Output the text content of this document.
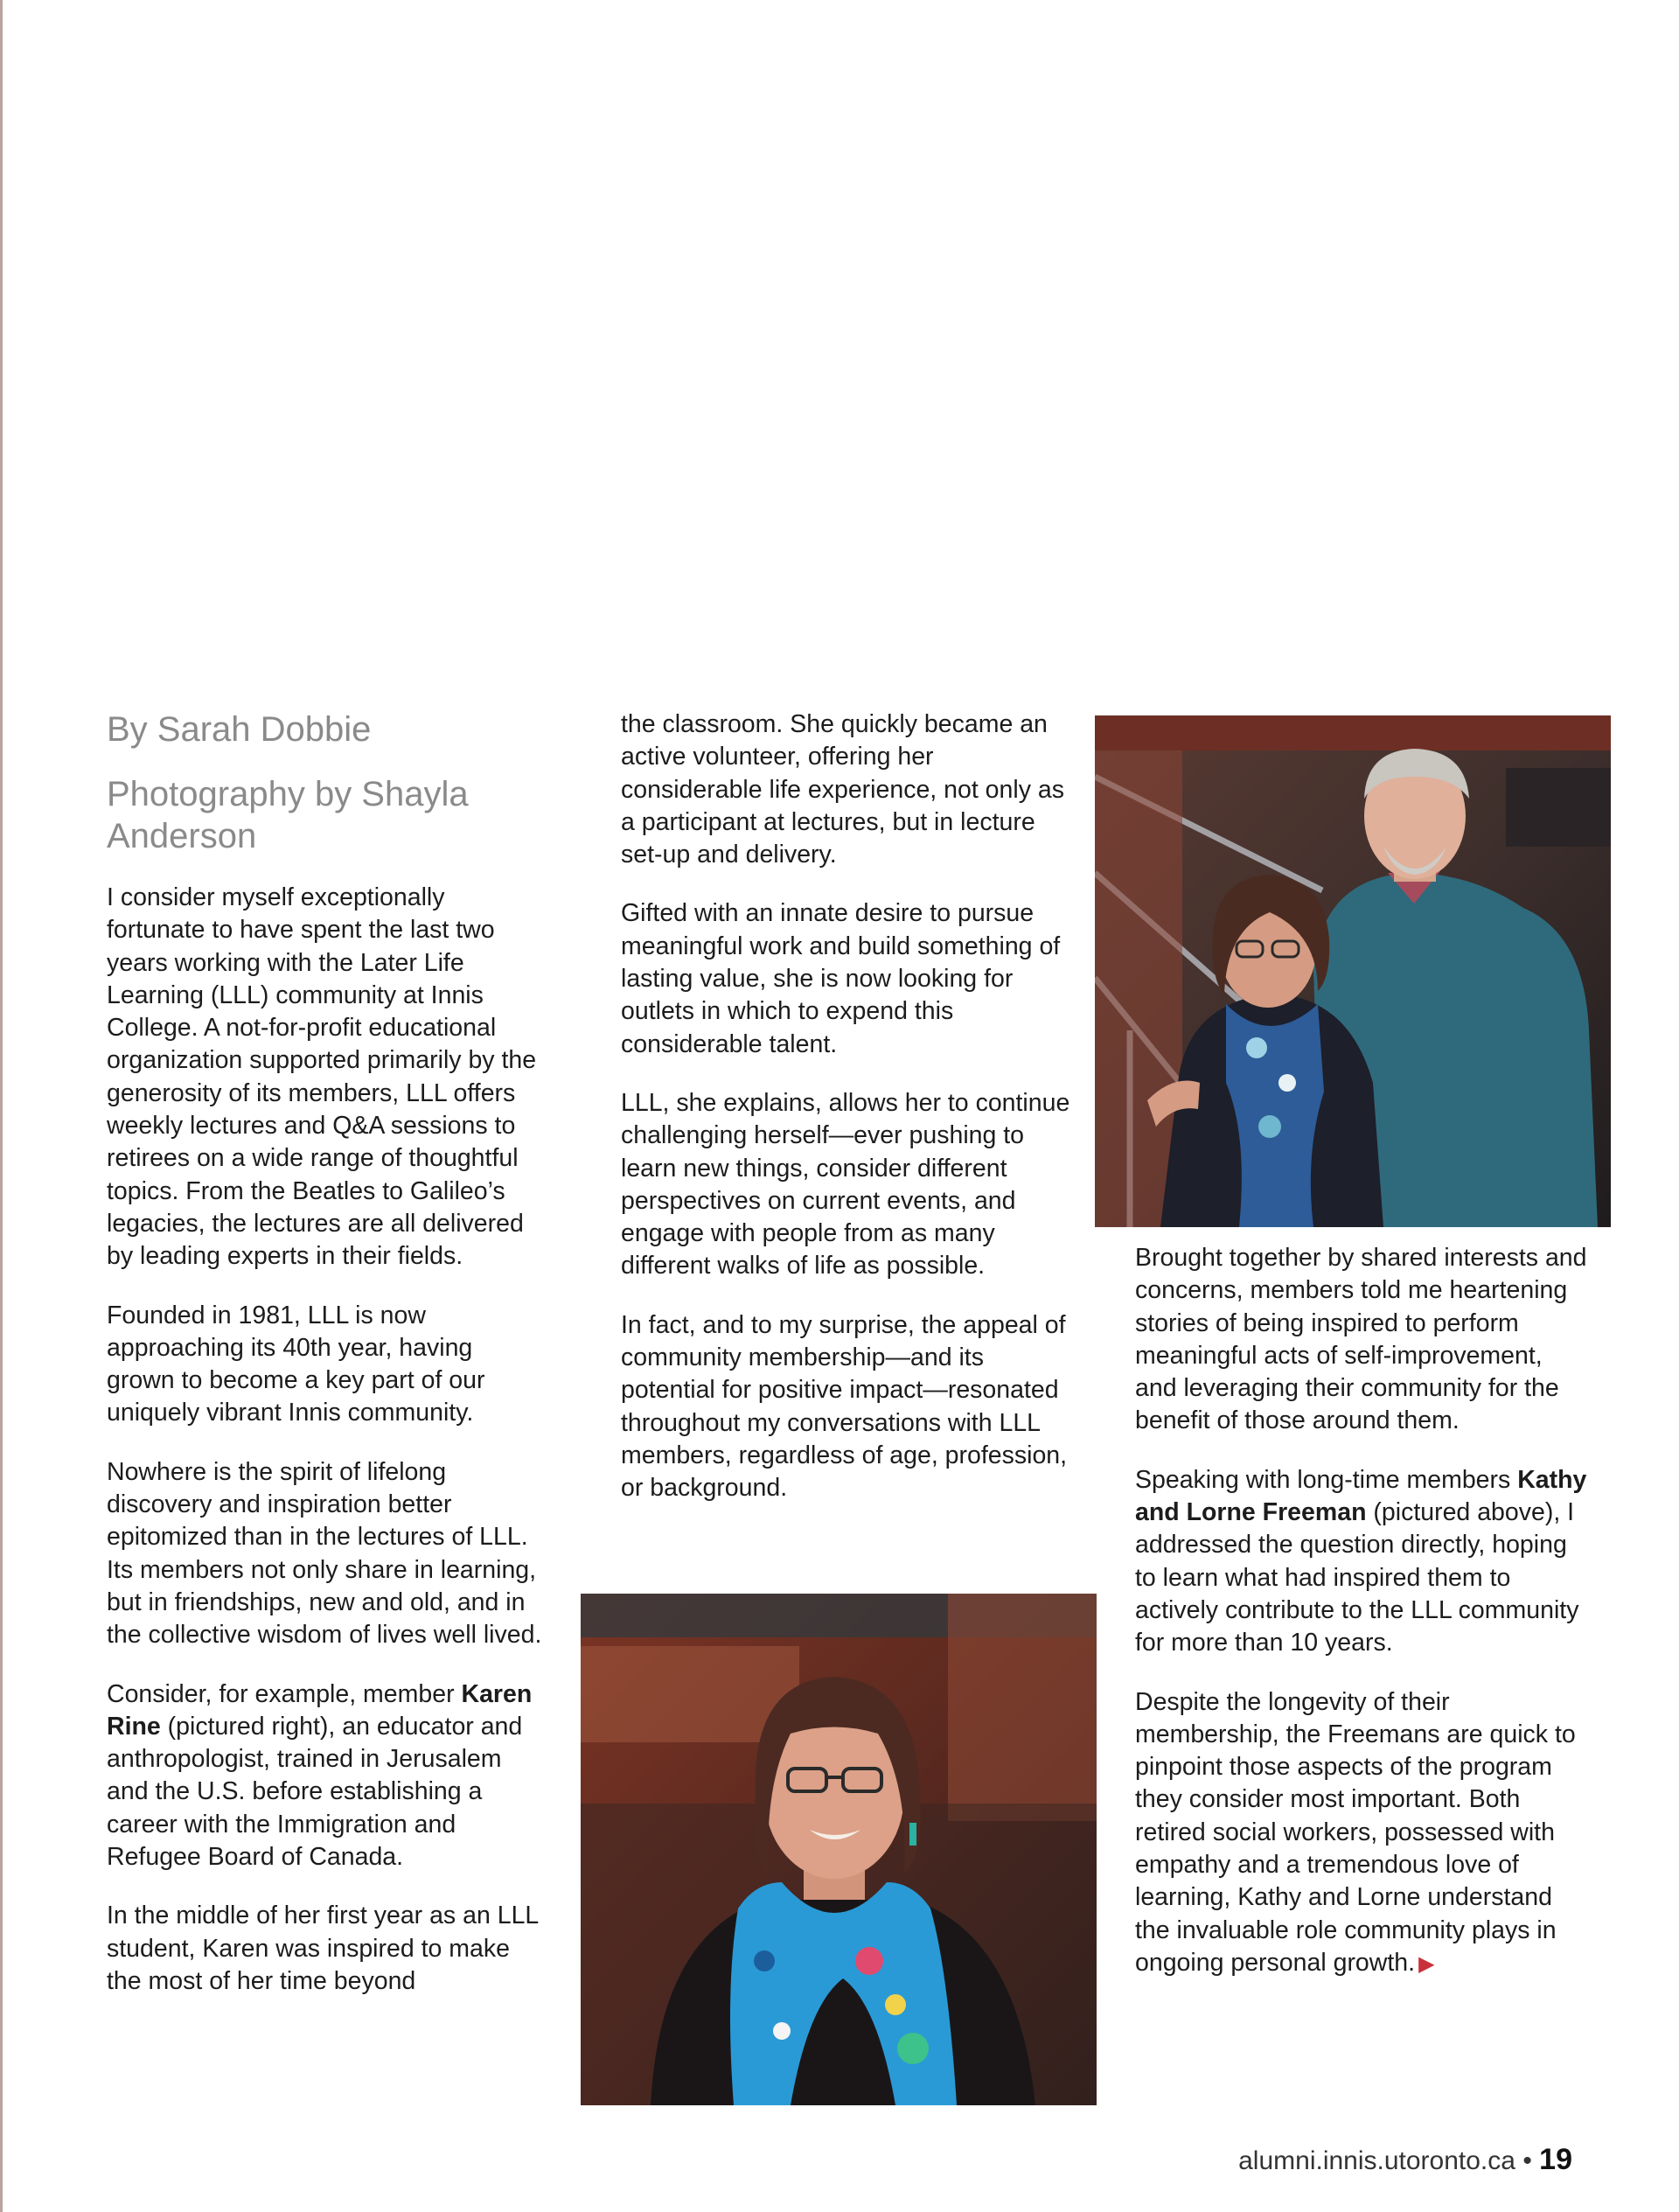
By Sarah Dobbie
Photography by Shayla Anderson

I consider myself exceptionally fortunate to have spent the last two years working with the Later Life Learning (LLL) community at Innis College. A not-for-profit educational organization supported primarily by the generosity of its members, LLL offers weekly lectures and Q&A sessions to retirees on a wide range of thoughtful topics. From the Beatles to Galileo’s legacies, the lectures are all delivered by leading experts in their fields.

Founded in 1981, LLL is now approaching its 40th year, having grown to become a key part of our uniquely vibrant Innis community.

Nowhere is the spirit of lifelong discovery and inspiration better epitomized than in the lectures of LLL. Its members not only share in learning, but in friendships, new and old, and in the collective wisdom of lives well lived.

Consider, for example, member Karen Rine (pictured right), an educator and anthropologist, trained in Jerusalem and the U.S. before establishing a career with the Immigration and Refugee Board of Canada.

In the middle of her first year as an LLL student, Karen was inspired to make the most of her time beyond

the classroom. She quickly became an active volunteer, offering her considerable life experience, not only as a participant at lectures, but in lecture set-up and delivery.

Gifted with an innate desire to pursue meaningful work and build something of lasting value, she is now looking for outlets in which to expend this considerable talent.

LLL, she explains, allows her to continue challenging herself—ever pushing to learn new things, consider different perspectives on current events, and engage with people from as many different walks of life as possible.

In fact, and to my surprise, the appeal of community membership—and its potential for positive impact—resonated throughout my conversations with LLL members, regardless of age, profession, or background.

Brought together by shared interests and concerns, members told me heartening stories of being inspired to perform meaningful acts of self-improvement, and leveraging their community for the benefit of those around them.

Speaking with long-time members Kathy and Lorne Freeman (pictured above), I addressed the question directly, hoping to learn what had inspired them to actively contribute to the LLL community for more than 10 years.

Despite the longevity of their membership, the Freemans are quick to pinpoint those aspects of the program they consider most important. Both retired social workers, possessed with empathy and a tremendous love of learning, Kathy and Lorne understand the invaluable role community plays in ongoing personal growth. ▶

alumni.innis.utoronto.ca • 19
